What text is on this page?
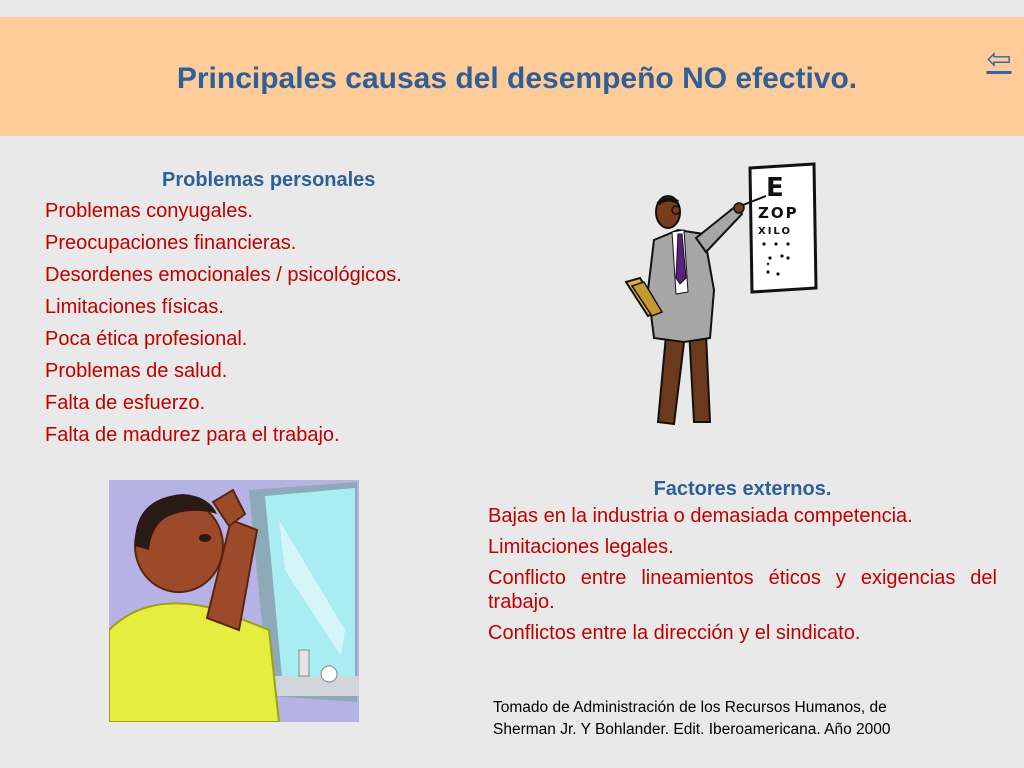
⇦
Principales causas del desempeño NO efectivo.
Problemas personales
Problemas conyugales.
Preocupaciones financieras.
Desordenes emocionales / psicológicos.
Limitaciones físicas.
Poca ética profesional.
Problemas de salud.
Falta de esfuerzo.
Falta de madurez para el trabajo.
E
ZOP
XILO
Factores externos.
Bajas en la industria o demasiada competencia.
Limitaciones legales.
Conflicto entre lineamientos éticos y exigencias del trabajo.
Conflictos entre la dirección y el sindicato.
Tomado de Administración de los Recursos Humanos, de
Sherman Jr. Y Bohlander. Edit. Iberoamericana. Año 2000
